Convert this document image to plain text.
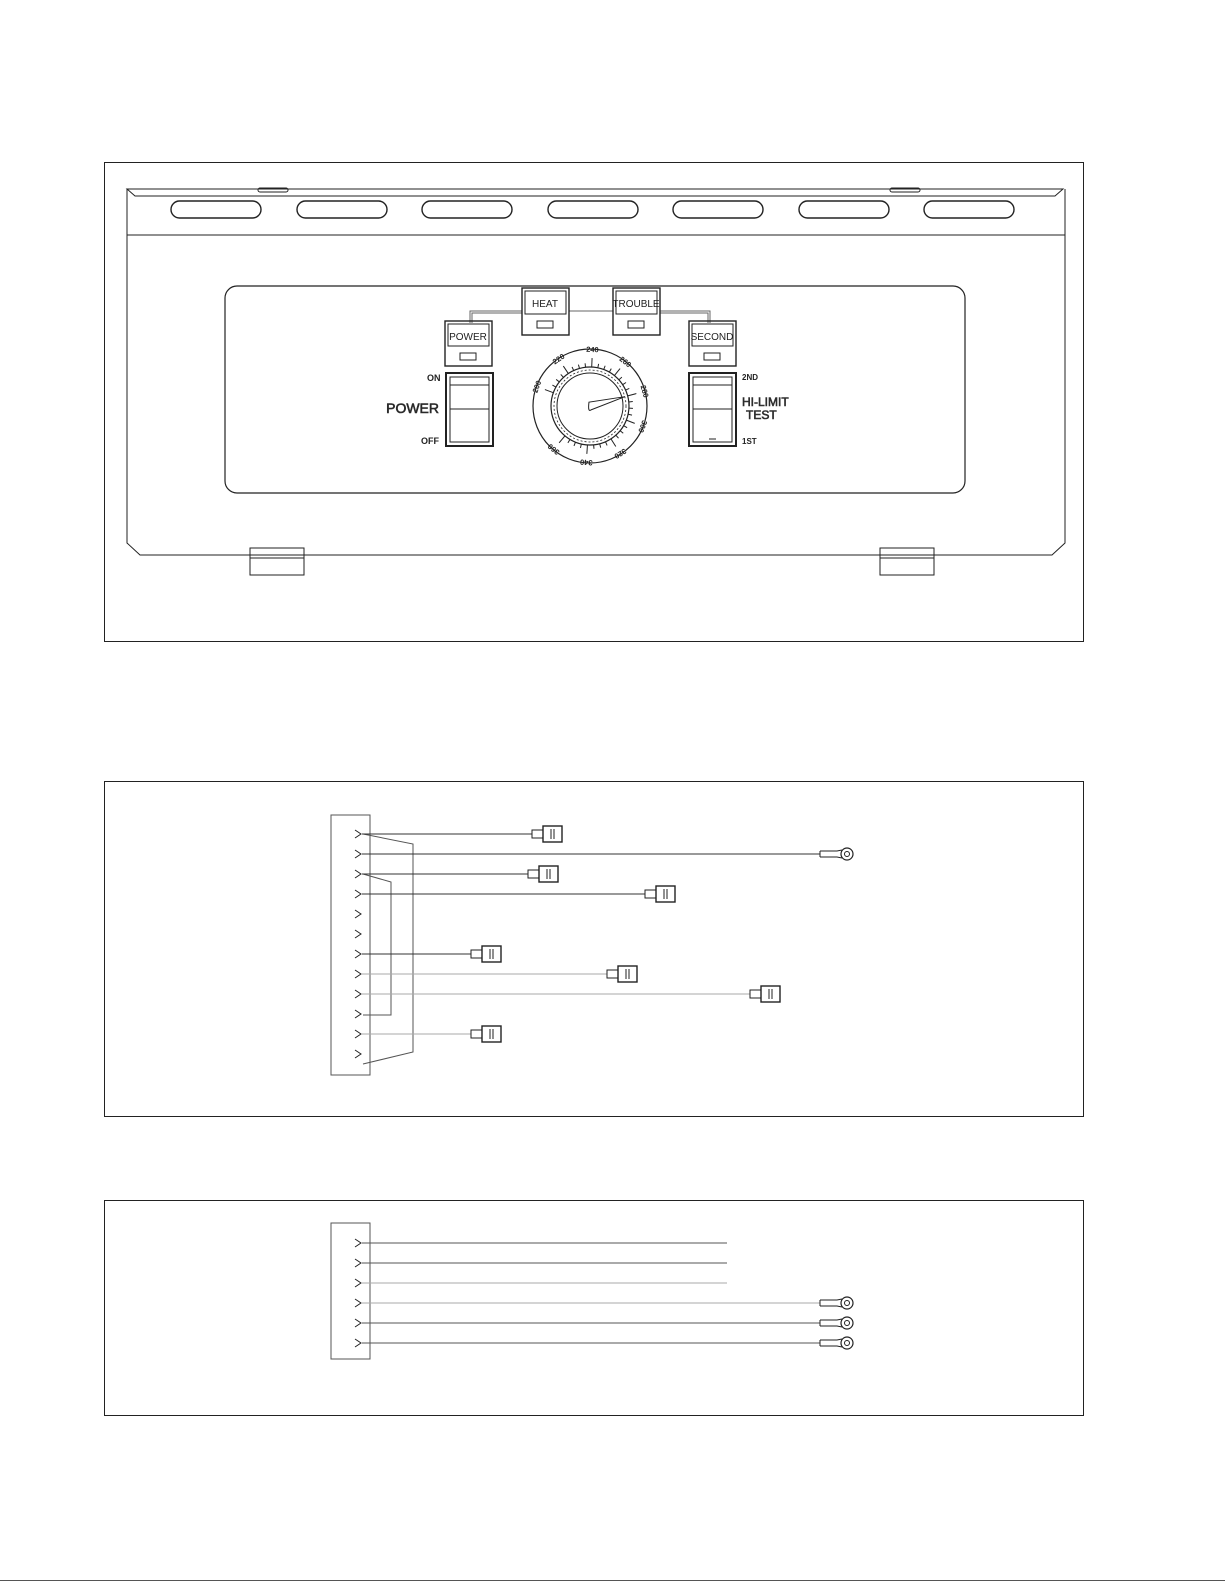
POWER
HEAT	TROUBLE
SECOND
ON
OFF
POWER
2ND
1ST
HI-LIMIT
TEST
200
220
240
260
280
300
320
340
360
